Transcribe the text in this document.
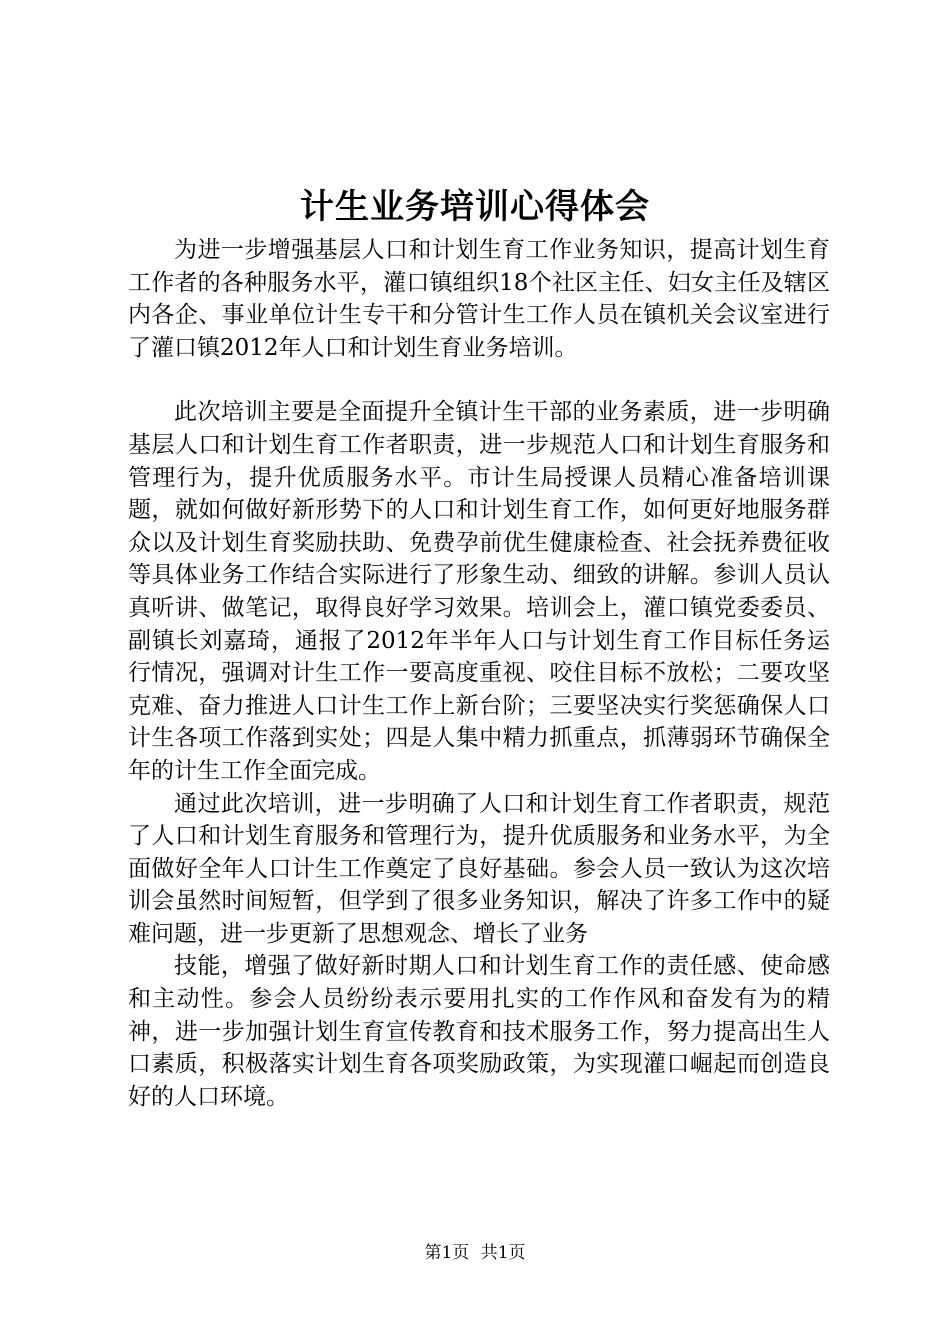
计生业务培训心得体会

为进一步增强基层人口和计划生育工作业务知识，提高计划生育工作者的各种服务水平，灌口镇组织18个社区主任、妇女主任及辖区内各企、事业单位计生专干和分管计生工作人员在镇机关会议室进行了灌口镇2012年人口和计划生育业务培训。

此次培训主要是全面提升全镇计生干部的业务素质，进一步明确基层人口和计划生育工作者职责，进一步规范人口和计划生育服务和管理行为，提升优质服务水平。市计生局授课人员精心准备培训课题，就如何做好新形势下的人口和计划生育工作，如何更好地服务群众以及计划生育奖励扶助、免费孕前优生健康检查、社会抚养费征收等具体业务工作结合实际进行了形象生动、细致的讲解。参训人员认真听讲、做笔记，取得良好学习效果。培训会上，灌口镇党委委员、副镇长刘嘉琦，通报了2012年半年人口与计划生育工作目标任务运行情况，强调对计生工作一要高度重视、咬住目标不放松；二要攻坚克难、奋力推进人口计生工作上新台阶；三要坚决实行奖惩确保人口计生各项工作落到实处；四是人集中精力抓重点，抓薄弱环节确保全年的计生工作全面完成。

通过此次培训，进一步明确了人口和计划生育工作者职责，规范了人口和计划生育服务和管理行为，提升优质服务和业务水平，为全面做好全年人口计生工作奠定了良好基础。参会人员一致认为这次培训会虽然时间短暂，但学到了很多业务知识，解决了许多工作中的疑难问题，进一步更新了思想观念、增长了业务

技能，增强了做好新时期人口和计划生育工作的责任感、使命感和主动性。参会人员纷纷表示要用扎实的工作作风和奋发有为的精神，进一步加强计划生育宣传教育和技术服务工作，努力提高出生人口素质，积极落实计划生育各项奖励政策，为实现灌口崛起而创造良好的人口环境。

第1页 共1页
